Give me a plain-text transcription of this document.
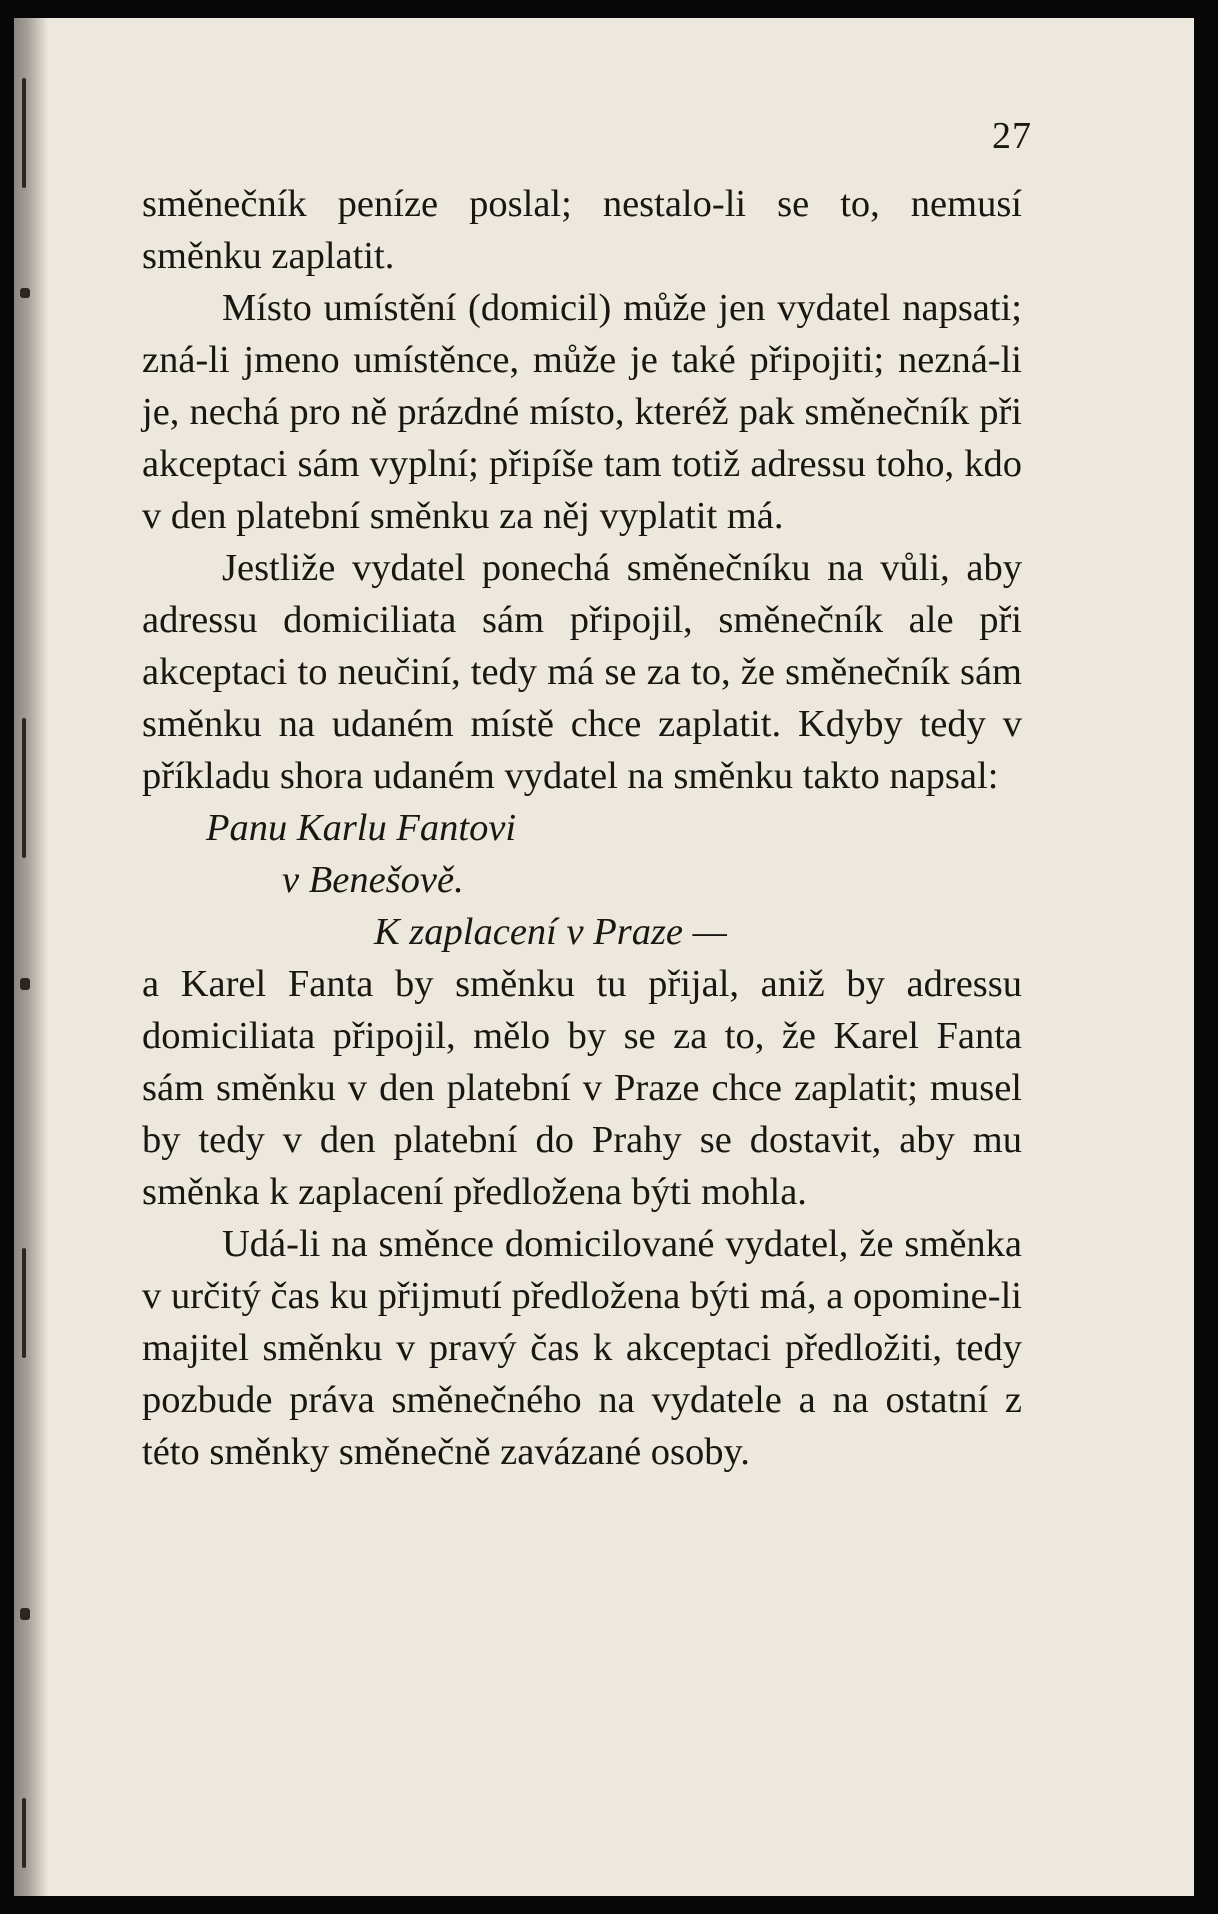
27

směnečník peníze poslal; nestalo-li se to, nemusí směnku zaplatit.

Místo umístění (domicil) může jen vydatel napsati; zná-li jmeno umístěnce, může je také připojiti; nezná-li je, nechá pro ně prázdné místo, kteréž pak směnečník při akceptaci sám vyplní; připíše tam totiž adressu toho, kdo v den platební směnku za něj vyplatit má.

Jestliže vydatel ponechá směnečníku na vůli, aby adressu domiciliata sám připojil, směnečník ale při akceptaci to neučiní, tedy má se za to, že směnečník sám směnku na udaném místě chce zaplatit. Kdyby tedy v příkladu shora udaném vydatel na směnku takto napsal:

Panu Karlu Fantovi

v Benešově.

K zaplacení v Praze —

a Karel Fanta by směnku tu přijal, aniž by adressu domiciliata připojil, mělo by se za to, že Karel Fanta sám směnku v den platební v Praze chce zaplatit; musel by tedy v den platební do Prahy se dostavit, aby mu směnka k zaplacení předložena býti mohla.

Udá-li na směnce domicilované vydatel, že směnka v určitý čas ku přijmutí předložena býti má, a opomine-li majitel směnku v pravý čas k akceptaci předložiti, tedy pozbude práva směnečného na vydatele a na ostatní z této směnky směnečně zavázané osoby.
